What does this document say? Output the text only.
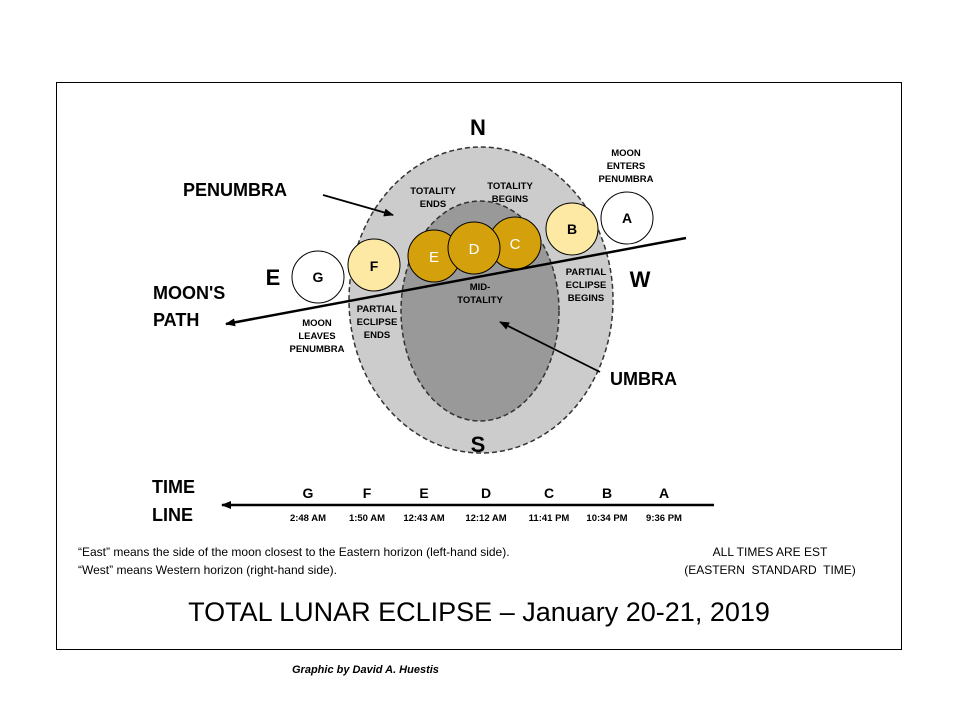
A
B
G
F
C
E D
N
S
E	W
PENUMBRA
UMBRA
MOON'S
PATH
TOTALITY
ENDS
TOTALITY
BEGINS
MOON
ENTERS
PENUMBRA
MID-
TOTALITY
PARTIAL
ECLIPSE
BEGINS
PARTIAL
ECLIPSE
ENDS
MOON
LEAVES
PENUMBRA
TIME
LINE
G
2:48 AM
F
1:50 AM
E
12:43 AM
D
12:12 AM
C
11:41 PM
B
10:34 PM
A
9:36 PM
“East” means the side of the moon closest to the Eastern horizon (left-hand side).
“West” means Western horizon (right-hand side).
ALL TIMES ARE EST
(EASTERN  STANDARD  TIME)
TOTAL LUNAR ECLIPSE – January 20-21, 2019
Graphic by David A. Huestis
